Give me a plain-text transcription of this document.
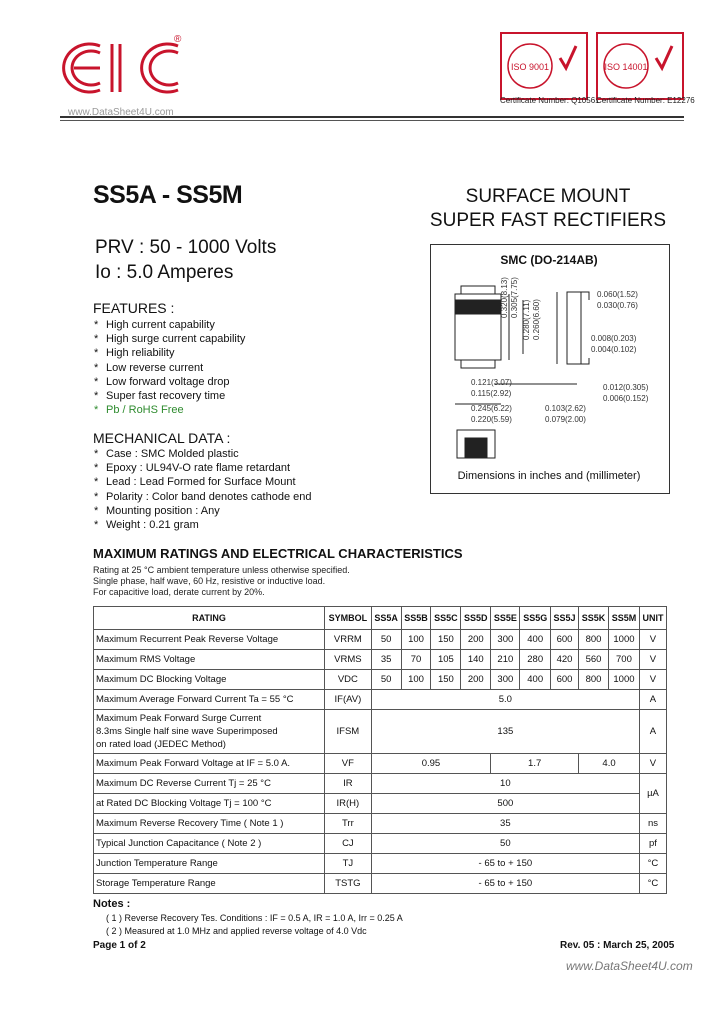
®
www.DataSheet4U.com
ISO 9001
Certificate Number: Q10561
ISO 14001
Certificate Number: E12276
SS5A - SS5M	SURFACE MOUNT
SUPER FAST RECTIFIERS
PRV : 50 - 1000 Volts
Io : 5.0 Amperes
FEATURES :
* High current capability
* High surge current capability
* High reliability
* Low reverse current
* Low forward voltage drop
* Super fast recovery time
* Pb / RoHS Free
MECHANICAL DATA :
* Case : SMC Molded plastic
* Epoxy : UL94V-O rate flame retardant
* Lead : Lead Formed for Surface Mount
* Polarity : Color band denotes cathode end
* Mounting position : Any
* Weight : 0.21 gram
SMC (DO-214AB)
0.060(1.52)
0.030(0.76)
0.320(8.13) 0.305(7.75)
0.280(7.11) 0.260(6.60)	0.008(0.203)
0.004(0.102)
0.121(3.07)
0.115(2.92)
0.012(0.305)
0.006(0.152)
0.103(2.62)
0.079(2.00)
0.245(6.22)
0.220(5.59)
Dimensions in inches and (millimeter)
MAXIMUM RATINGS AND ELECTRICAL CHARACTERISTICS
Rating at 25 °C ambient temperature unless otherwise specified.
Single phase, half wave, 60 Hz, resistive or inductive load.
For capacitive load, derate current by 20%.
RATING	SYMBOL	SS5A	SS5B	SS5C	SS5D	SS5E	SS5G	SS5J	SS5K	SS5M	UNIT
Maximum Recurrent Peak Reverse Voltage	VRRM	50	100	150	200	300	400	600	800	1000	V
Maximum RMS Voltage	VRMS	35	70	105	140	210	280	420	560	700	V
Maximum DC Blocking Voltage	VDC	50	100	150	200	300	400	600	800	1000	V
Maximum Average Forward Current Ta = 55 °C	IF(AV)	5.0									A

Maximum Peak Forward Surge Current
8.3ms Single half sine wave Superimposed
on rated load (JEDEC Method)	IFSM	135									A
Maximum Peak Forward Voltage at IF = 5.0 A.	VF	0.95				1.7			4.0		V
Maximum DC Reverse Current Tj = 25 °C	IR	10									µA
at Rated DC Blocking Voltage Tj = 100 °C	IR(H)	500									
Maximum Reverse Recovery Time ( Note 1 )	Trr	35									ns
Typical Junction Capacitance ( Note 2 )	CJ	50									pf
Junction Temperature Range	TJ	- 65 to + 150									°C
Storage Temperature Range	TSTG	- 65 to + 150									°C
Notes :
( 1 ) Reverse Recovery Tes. Conditions : IF = 0.5 A, IR = 1.0 A, Irr = 0.25 A
( 2 ) Measured at 1.0 MHz and applied reverse voltage of 4.0 Vdc
Page 1 of 2	Rev. 05 : March 25, 2005
www.DataSheet4U.com
